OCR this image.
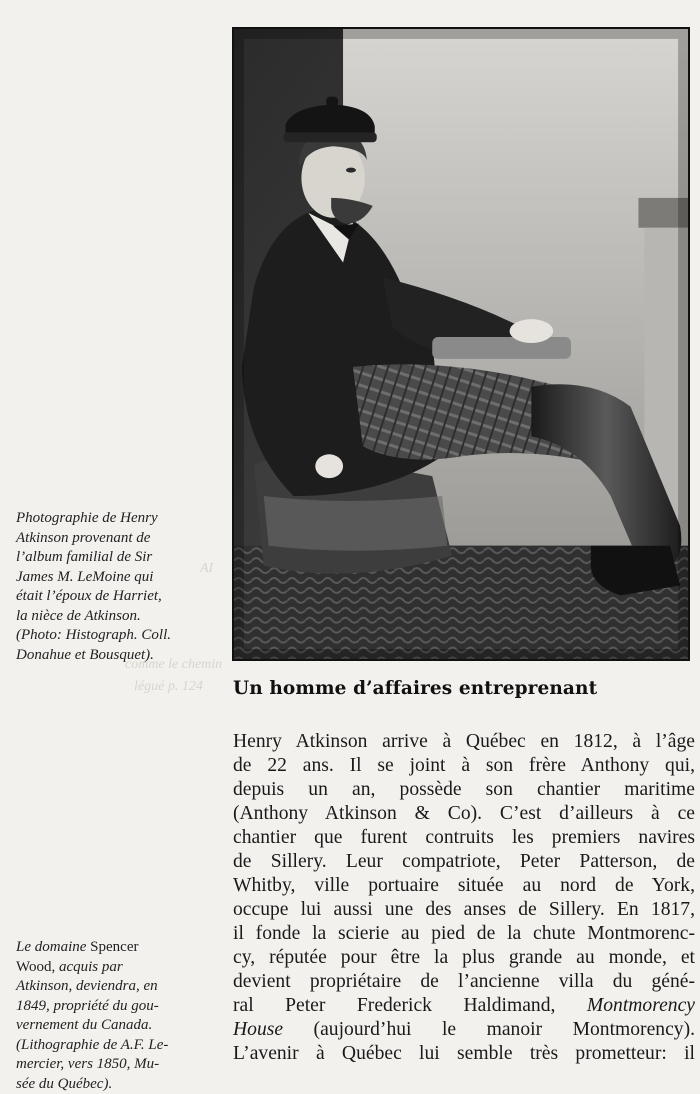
AI
comme le chemin
légué p. 124
Photographie de Henry
Atkinson provenant de
l’album familial de Sir
James M. LeMoine qui
était l’époux de Harriet,
la nièce de Atkinson.
(Photo: Histograph. Coll.
Donahue et Bousquet).
Le domaine Spencer
Wood, acquis par
Atkinson, deviendra, en
1849, propriété du gou-
vernement du Canada.
(Lithographie de A.F. Le-
mercier, vers 1850, Mu-
sée du Québec).
Un homme d’affaires entreprenant
Henry Atkinson arrive à Québec en 1812, à l’âge
de 22 ans. Il se joint à son frère Anthony qui,
depuis un an, possède son chantier maritime
(Anthony Atkinson & Co). C’est d’ailleurs à ce
chantier que furent contruits les premiers navires
de Sillery. Leur compatriote, Peter Patterson, de
Whitby, ville portuaire située au nord de York,
occupe lui aussi une des anses de Sillery. En 1817,
il fonde la scierie au pied de la chute Montmorenc-
cy, réputée pour être la plus grande au monde, et
devient propriétaire de l’ancienne villa du géné-
ral Peter Frederick Haldimand, Montmorency
House (aujourd’hui le manoir Montmorency).
L’avenir à Québec lui semble très prometteur: il
